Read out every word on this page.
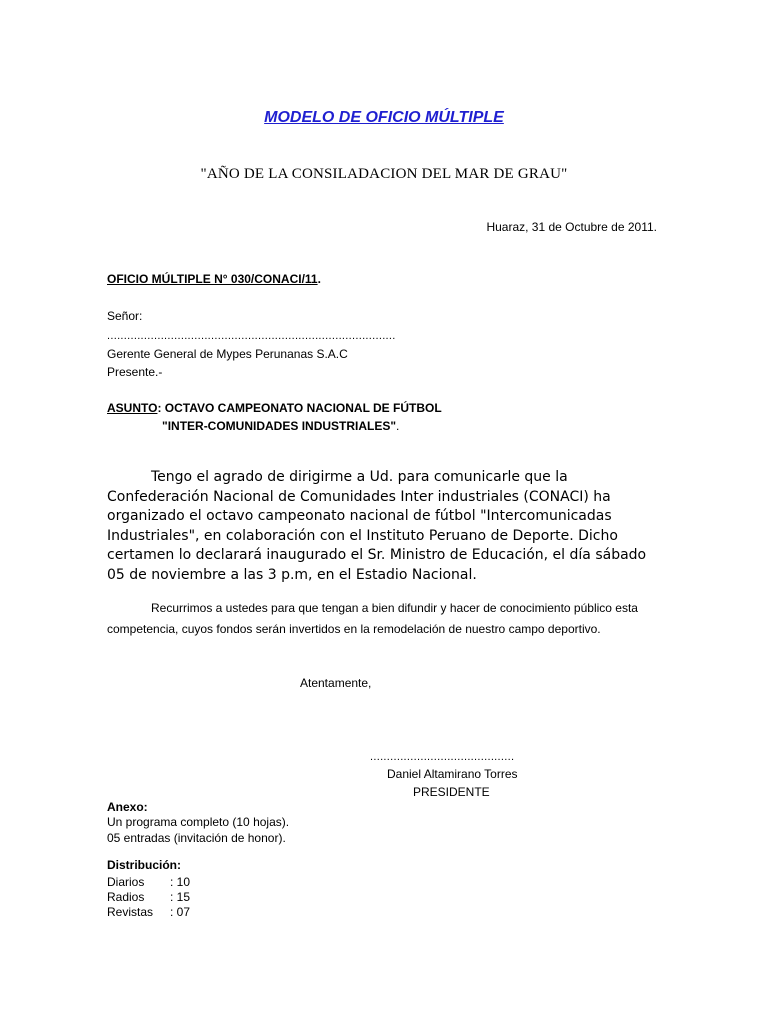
MODELO DE OFICIO MÚLTIPLE
"AÑO DE LA CONSILADACION DEL MAR DE GRAU"
Huaraz, 31 de Octubre de 2011.
OFICIO MÚLTIPLE N° 030/CONACI/11.
Señor:
......................................................................................
Gerente General de Mypes Perunanas S.A.C
Presente.-
ASUNTO: OCTAVO CAMPEONATO NACIONAL DE FÚTBOL
"INTER-COMUNIDADES INDUSTRIALES".
Tengo el agrado de dirigirme a Ud. para comunicarle que la Confederación Nacional de Comunidades Inter industriales (CONACI) ha organizado el octavo campeonato nacional de fútbol "Intercomunicadas Industriales", en colaboración con el Instituto Peruano de Deporte. Dicho certamen lo declarará inaugurado el Sr. Ministro de Educación, el día sábado 05 de noviembre a las 3 p.m, en el Estadio Nacional.
Recurrimos a ustedes para que tengan a bien difundir y hacer de conocimiento público esta competencia, cuyos fondos serán invertidos en la remodelación de nuestro campo deportivo.
Atentamente,
...........................................
Daniel Altamirano Torres
PRESIDENTE
Anexo:
Un programa completo (10 hojas).
05 entradas (invitación de honor).
Distribución:
Diarios : 10
Radios : 15
Revistas : 07
